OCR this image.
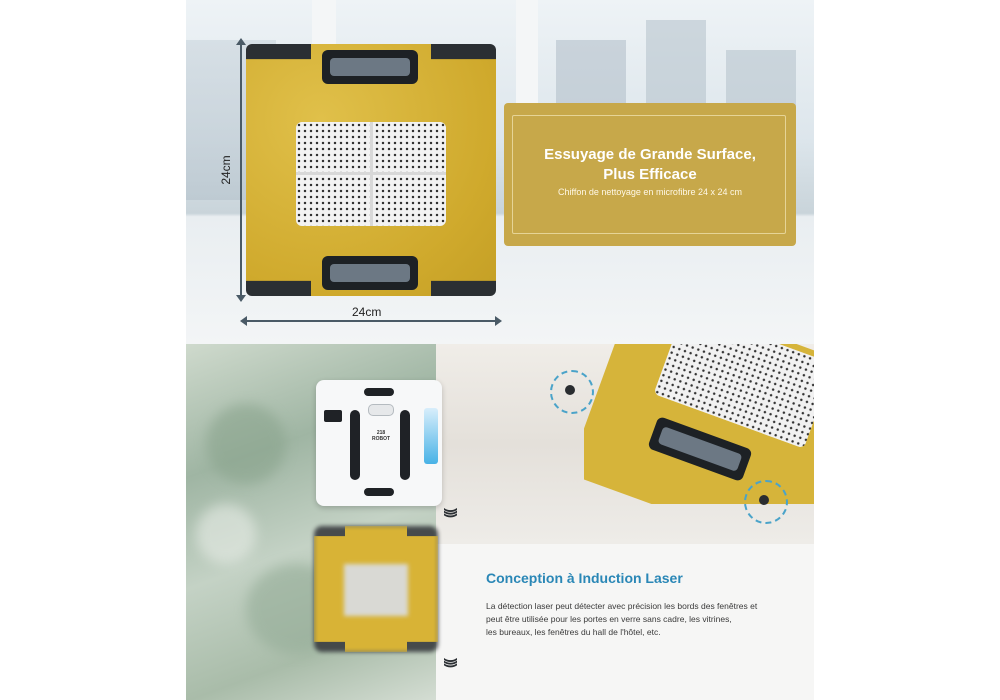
24cm
24cm
Essuyage de Grande Surface,
Plus Efficace
Chiffon de nettoyage en microfibre 24 x 24 cm
218
ROBOT
)))
)))
Conception à Induction Laser
La détection laser peut détecter avec précision les bords des fenêtres et
peut être utilisée pour les portes en verre sans cadre, les vitrines,
les bureaux, les fenêtres du hall de l'hôtel, etc.
